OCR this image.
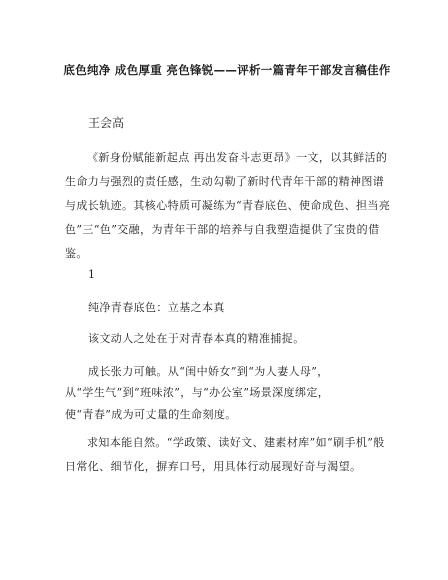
底色纯净 成色厚重 亮色锋锐——评析一篇青年干部发言稿佳作
王会高
《新身份赋能新起点 再出发奋斗志更昂》一文，以其鲜活的生命力与强烈的责任感，生动勾勒了新时代青年干部的精神图谱与成长轨迹。其核心特质可凝练为“青春底色、使命成色、担当亮色”三“色”交融，为青年干部的培养与自我塑造提供了宝贵的借鉴。
1
纯净青春底色：立基之本真
该文动人之处在于对青春本真的精准捕捉。
成长张力可触。从“闺中娇女”到“为人妻人母”，
从“学生气”到“班味浓”，与“办公室”场景深度绑定，
使“青春”成为可丈量的生命刻度。
求知本能自然。“学政策、读好文、建素材库”如“刷手机”般日常化、细节化，摒弃口号，用具体行动展现好奇与渴望。
